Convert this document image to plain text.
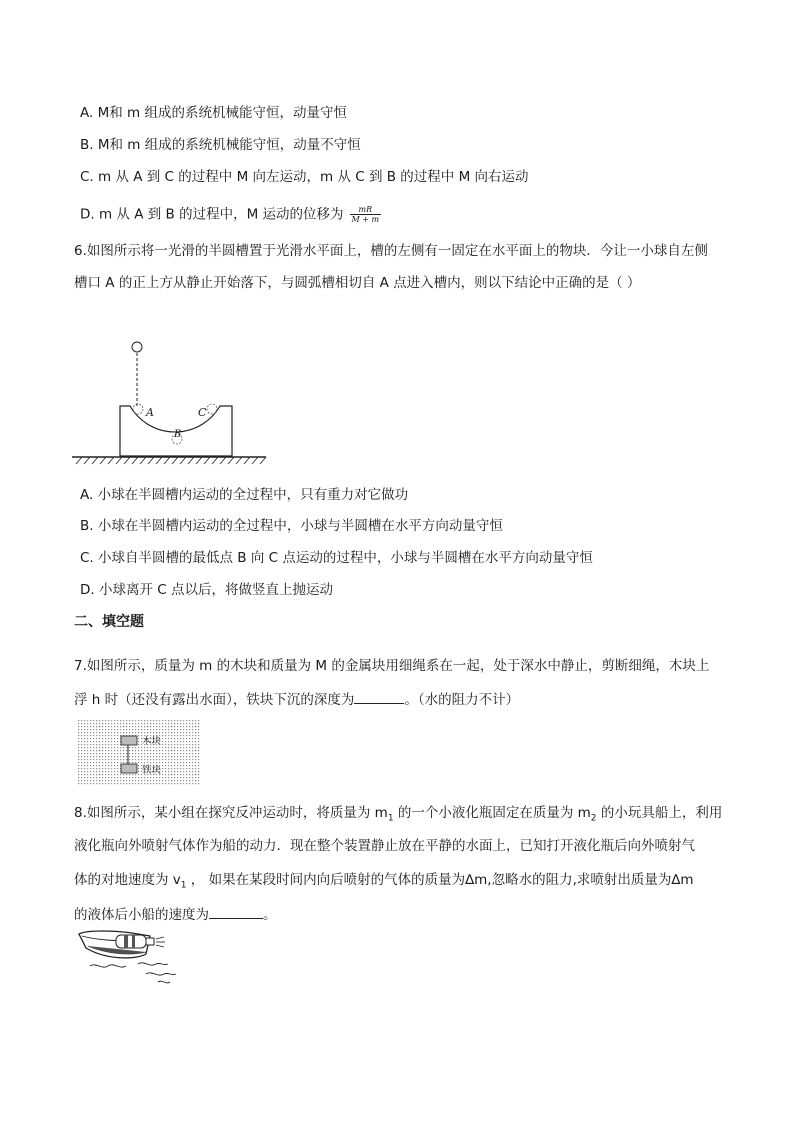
A. M和 m 组成的系统机械能守恒，动量守恒
B. M和 m 组成的系统机械能守恒，动量不守恒
C. m 从 A 到 C 的过程中 M 向左运动，m 从 C 到 B 的过程中 M 向右运动
D. m 从 A 到 B 的过程中，M 运动的位移为 $\frac{mR}{M + m}$
6.如图所示将一光滑的半圆槽置于光滑水平面上，槽的左侧有一固定在水平面上的物块．今让一小球自左侧
槽口 A 的正上方从静止开始落下，与圆弧槽相切自 A 点进入槽内，则以下结论中正确的是（ ）
A
B
C
A. 小球在半圆槽内运动的全过程中，只有重力对它做功
B. 小球在半圆槽内运动的全过程中，小球与半圆槽在水平方向动量守恒
C. 小球自半圆槽的最低点 B 向 C 点运动的过程中，小球与半圆槽在水平方向动量守恒
D. 小球离开 C 点以后，将做竖直上抛运动
二、填空题
7.如图所示，质量为 m 的木块和质量为 M 的金属块用细绳系在一起，处于深水中静止，剪断细绳，木块上
浮 h 时（还没有露出水面），铁块下沉的深度为	。（水的阻力不计）
木块
铁块
8.如图所示，某小组在探究反冲运动时，将质量为 $m_1$ 的一个小液化瓶固定在质量为 $m_2$ 的小玩具船上，利用
液化瓶向外喷射气体作为船的动力．现在整个装置静止放在平静的水面上，已知打开液化瓶后向外喷射气
体的对地速度为 $v_1$ ， 如果在某段时间内向后喷射的气体的质量为∆m,忽略水的阻力,求喷射出质量为∆m
的液体后小船的速度为	。
